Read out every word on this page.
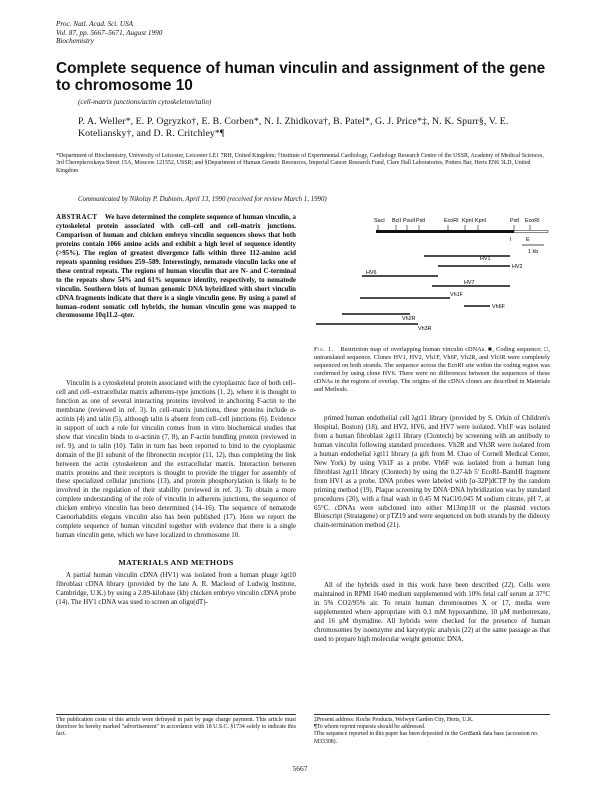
Proc. Natl. Acad. Sci. USA
Vol. 87, pp. 5667–5671, August 1990
Biochemistry
Complete sequence of human vinculin and assignment of the gene to chromosome 10
(cell-matrix junctions/actin cytoskeleton/talin)
P. A. Weller*, E. P. Ogryzko†, E. B. Corben*, N. I. Zhidkova†, B. Patel*, G. J. Price*‡, N. K. Spurr§, V. E. Koteliansky†, and D. R. Critchley*¶
*Department of Biochemistry, University of Leicester, Leicester LE1 7RH, United Kingdom; †Institute of Experimental Cardiology, Cardiology Research Centre of the USSR, Academy of Medical Sciences, 3rd Cherepkovskaya Street 15A, Moscow 121552, USSR; and §Department of Human Genetic Resources, Imperial Cancer Research Fund, Clare Hall Laboratories, Potters Bar, Herts EN6 3LD, United Kingdom
Communicated by Nikolay P. Dubinin, April 13, 1990 (received for review March 1, 1990)
ABSTRACT We have determined the complete sequence of human vinculin, a cytoskeletal protein associated with cell–cell and cell–matrix junctions. Comparison of human and chicken embryo vinculin sequences shows that both proteins contain 1066 amino acids and exhibit a high level of sequence identity (>95%). The region of greatest divergence falls within three 112-amino acid repeats spanning residues 259–589. Interestingly, nematode vinculin lacks one of these central repeats. The regions of human vinculin that are N- and C-terminal to the repeats show 54% and 61% sequence identity, respectively, to nematode vinculin. Southern blots of human genomic DNA hybridized with short vinculin cDNA fragments indicate that there is a single vinculin gene. By using a panel of human–rodent somatic cell hybrids, the human vinculin gene was mapped to chromosome 10q11.2–qter.
Vinculin is a cytoskeletal protein associated with the cytoplasmic face of both cell–cell and cell–extracellular matrix adherens-type junctions (1, 2), where it is thought to function as one of several interacting proteins involved in anchoring F-actin to the membrane (reviewed in ref. 3). In cell–matrix junctions, these proteins include α-actinin (4) and talin (5), although talin is absent from cell–cell junctions (6). Evidence in support of such a role for vinculin comes from in vitro biochemical studies that show that vinculin binds to α-actinin (7, 8), an F-actin bundling protein (reviewed in ref. 9), and to talin (10). Talin in turn has been reported to bind to the cytoplasmic domain of the β1 subunit of the fibronectin receptor (11, 12), thus completing the link between the actin cytoskeleton and the extracellular matrix. Interaction between matrix proteins and their receptors is thought to provide the trigger for assembly of these specialized cellular junctions (13), and protein phosphorylation is likely to be involved in the regulation of their stability (reviewed in ref. 3). To obtain a more complete understanding of the role of vinculin in adherens junctions, the sequence of chicken embryo vinculin has been determined (14–16). The sequence of nematode Caenorhabditis elegans vinculin also has been published (17). Here we report the complete sequence of human vinculin‖ together with evidence that there is a single human vinculin gene, which we have localized to chromosome 10.
MATERIALS AND METHODS
A partial human vinculin cDNA (HV1) was isolated from a human phage λgt10 fibroblast cDNA library (provided by the late A. R. Macleod of Ludwig Institute, Cambridge, U.K.) by using a 2.89-kilobase (kb) chicken embryo vinculin cDNA probe (14). The HV1 cDNA was used to screen an oligo(dT)-
The publication costs of this article were defrayed in part by page charge payment. This article must therefore be hereby marked "advertisement" in accordance with 18 U.S.C. §1734 solely to indicate this fact.
SacI BclI PvuII PstI	EcoRI KpnI KpnI	PstI EcoRI
I	E
1 kb
HV1
HV2
HV6
HV7
Vh1F
Vh6F
Vh2R
Vh3R
Fig. 1. Restriction map of overlapping human vinculin cDNAs. ■, Coding sequence; □, untranslated sequence. Clones HV1, HV2, Vh1F, Vh6F, Vh2R, and Vh3R were completely sequenced on both strands. The sequence across the EcoRI site within the coding region was confirmed by using clone HV6. There were no differences between the sequences of these cDNAs in the regions of overlap. The origins of the cDNA clones are described in Materials and Methods.
primed human endothelial cell λgt11 library (provided by S. Orkin of Children's Hospital, Boston) (18), and HV2, HV6, and HV7 were isolated. Vh1F was isolated from a human fibroblast λgt11 library (Clontech) by screening with an antibody to human vinculin following standard procedures. Vh2R and Vh3R were isolated from a human endothelial λgt11 library (a gift from M. Chao of Cornell Medical Center, New York) by using Vh1F as a probe. Vh6F was isolated from a human lung fibroblast λgt11 library (Clontech) by using the 0.27-kb 5' EcoRI–BamHI fragment from HV1 as a probe. DNA probes were labeled with [α-32P]dCTP by the random priming method (19). Plaque screening by DNA·DNA hybridization was by standard procedures (20), with a final wash in 0.45 M NaCl/0.045 M sodium citrate, pH 7, at 65°C. cDNAs were subcloned into either M13mp18 or the plasmid vectors Bluescript (Stratagene) or pTZ19 and were sequenced on both strands by the dideoxy chain-termination method (21).
All of the hybrids used in this work have been described (22). Cells were maintained in RPMI 1640 medium supplemented with 10% fetal calf serum at 37°C in 5% CO2/95% air. To retain human chromosomes X or 17, media were supplemented where appropriate with 0.1 mM hypoxanthine, 10 μM methotrexate, and 16 μM thymidine. All hybrids were checked for the presence of human chromosomes by isoenzyme and karyotypic analysis (22) at the same passage as that used to prepare high molecular weight genomic DNA.
‡Present address: Roche Products, Welwyn Garden City, Herts, U.K.
¶To whom reprint requests should be addressed.
‖The sequence reported in this paper has been deposited in the GenBank data base (accession no. M33308).
5667
